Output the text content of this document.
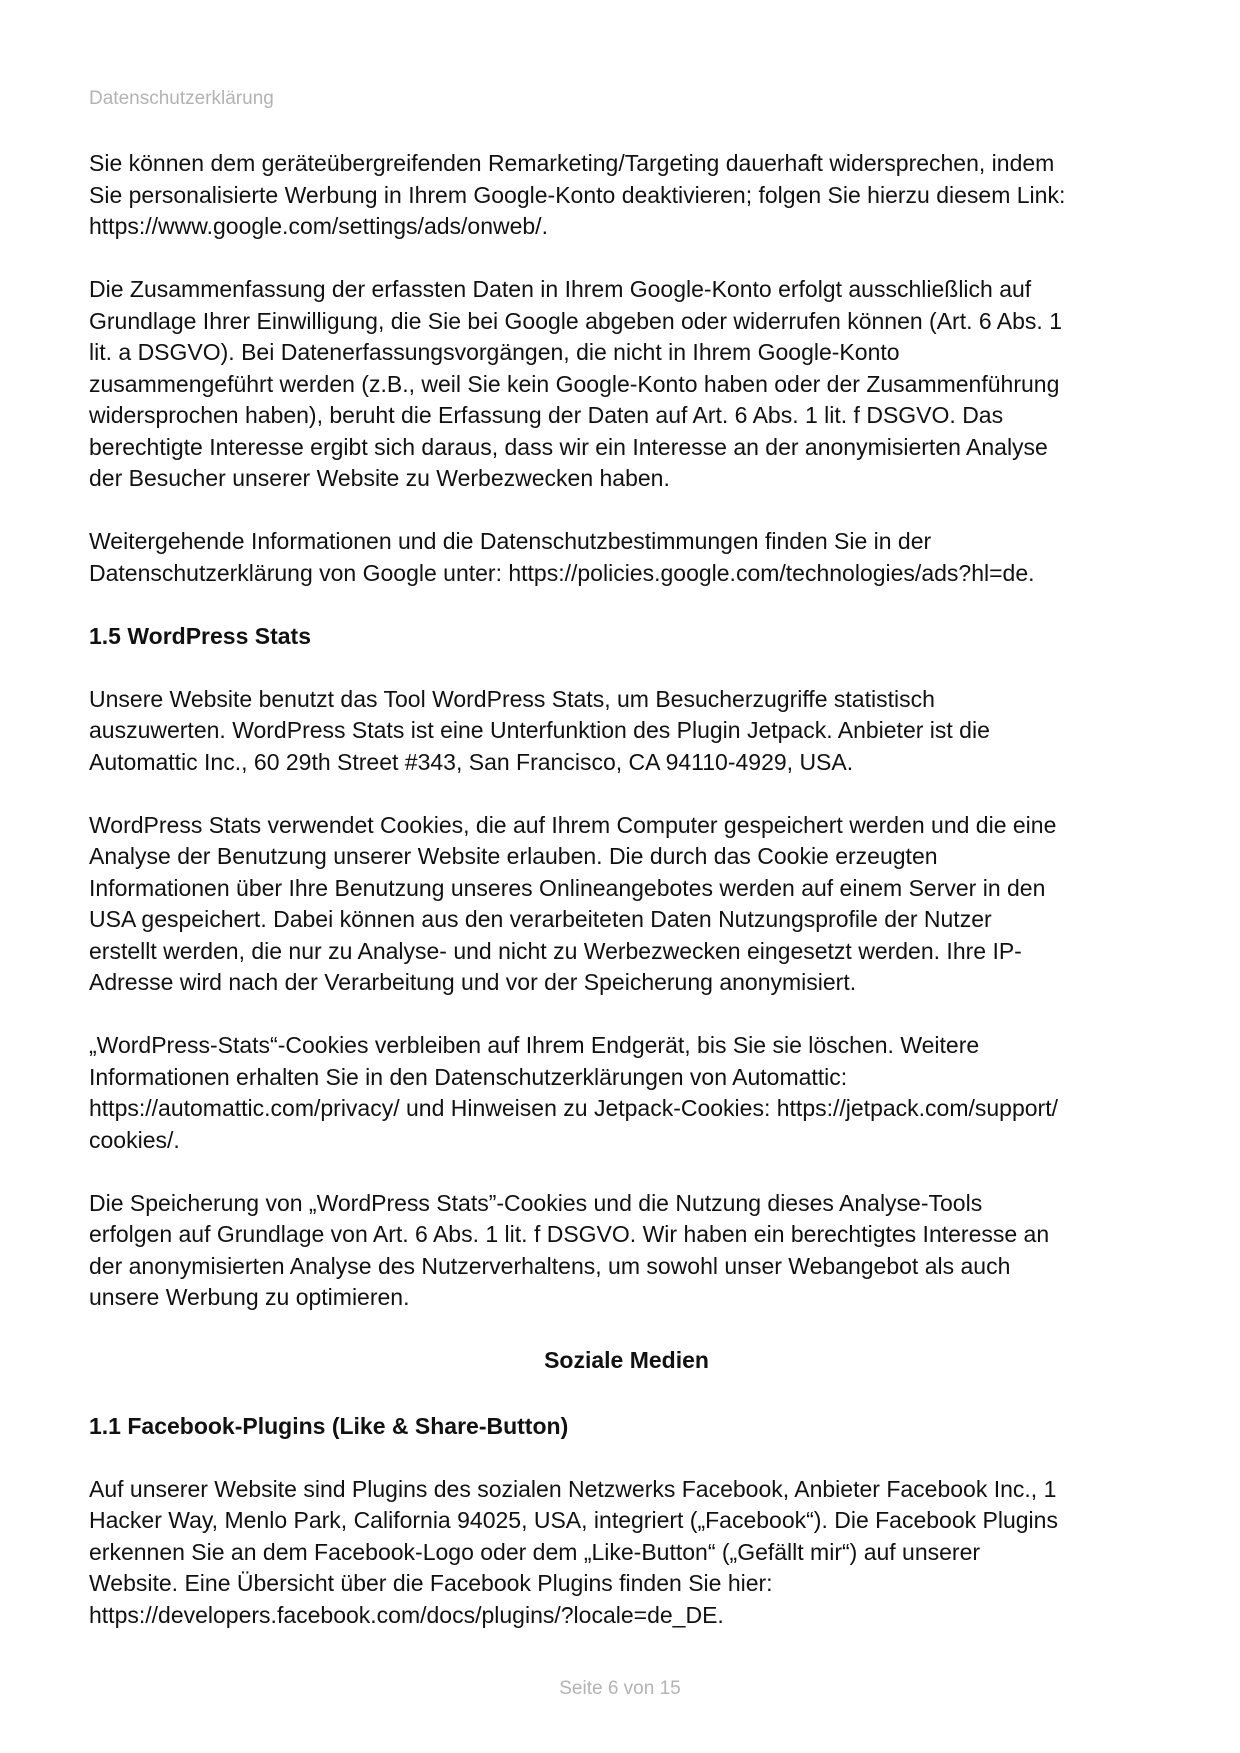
Datenschutzerklärung

Sie können dem geräteübergreifenden Remarketing/Targeting dauerhaft widersprechen, indem
Sie personalisierte Werbung in Ihrem Google-Konto deaktivieren; folgen Sie hierzu diesem Link:
https://www.google.com/settings/ads/onweb/.

Die Zusammenfassung der erfassten Daten in Ihrem Google-Konto erfolgt ausschließlich auf
Grundlage Ihrer Einwilligung, die Sie bei Google abgeben oder widerrufen können (Art. 6 Abs. 1
lit. a DSGVO). Bei Datenerfassungsvorgängen, die nicht in Ihrem Google-Konto
zusammengeführt werden (z.B., weil Sie kein Google-Konto haben oder der Zusammenführung
widersprochen haben), beruht die Erfassung der Daten auf Art. 6 Abs. 1 lit. f DSGVO. Das
berechtigte Interesse ergibt sich daraus, dass wir ein Interesse an der anonymisierten Analyse
der Besucher unserer Website zu Werbezwecken haben.

Weitergehende Informationen und die Datenschutzbestimmungen finden Sie in der
Datenschutzerklärung von Google unter: https://policies.google.com/technologies/ads?hl=de.

1.5 WordPress Stats

Unsere Website benutzt das Tool WordPress Stats, um Besucherzugriffe statistisch
auszuwerten. WordPress Stats ist eine Unterfunktion des Plugin Jetpack. Anbieter ist die
Automattic Inc., 60 29th Street #343, San Francisco, CA 94110-4929, USA.

WordPress Stats verwendet Cookies, die auf Ihrem Computer gespeichert werden und die eine
Analyse der Benutzung unserer Website erlauben. Die durch das Cookie erzeugten
Informationen über Ihre Benutzung unseres Onlineangebotes werden auf einem Server in den
USA gespeichert. Dabei können aus den verarbeiteten Daten Nutzungsprofile der Nutzer
erstellt werden, die nur zu Analyse- und nicht zu Werbezwecken eingesetzt werden. Ihre IP-
Adresse wird nach der Verarbeitung und vor der Speicherung anonymisiert.

„WordPress-Stats“-Cookies verbleiben auf Ihrem Endgerät, bis Sie sie löschen. Weitere
Informationen erhalten Sie in den Datenschutzerklärungen von Automattic:
https://automattic.com/privacy/ und Hinweisen zu Jetpack-Cookies: https://jetpack.com/support/
cookies/.

Die Speicherung von „WordPress Stats”-Cookies und die Nutzung dieses Analyse-Tools
erfolgen auf Grundlage von Art. 6 Abs. 1 lit. f DSGVO. Wir haben ein berechtigtes Interesse an
der anonymisierten Analyse des Nutzerverhaltens, um sowohl unser Webangebot als auch
unsere Werbung zu optimieren.

Soziale Medien
1.1 Facebook-Plugins (Like & Share-Button)

Auf unserer Website sind Plugins des sozialen Netzwerks Facebook, Anbieter Facebook Inc., 1
Hacker Way, Menlo Park, California 94025, USA, integriert („Facebook“). Die Facebook Plugins
erkennen Sie an dem Facebook-Logo oder dem „Like-Button“ („Gefällt mir“) auf unserer
Website. Eine Übersicht über die Facebook Plugins finden Sie hier:
https://developers.facebook.com/docs/plugins/?locale=de_DE.

Seite 6 von 15
